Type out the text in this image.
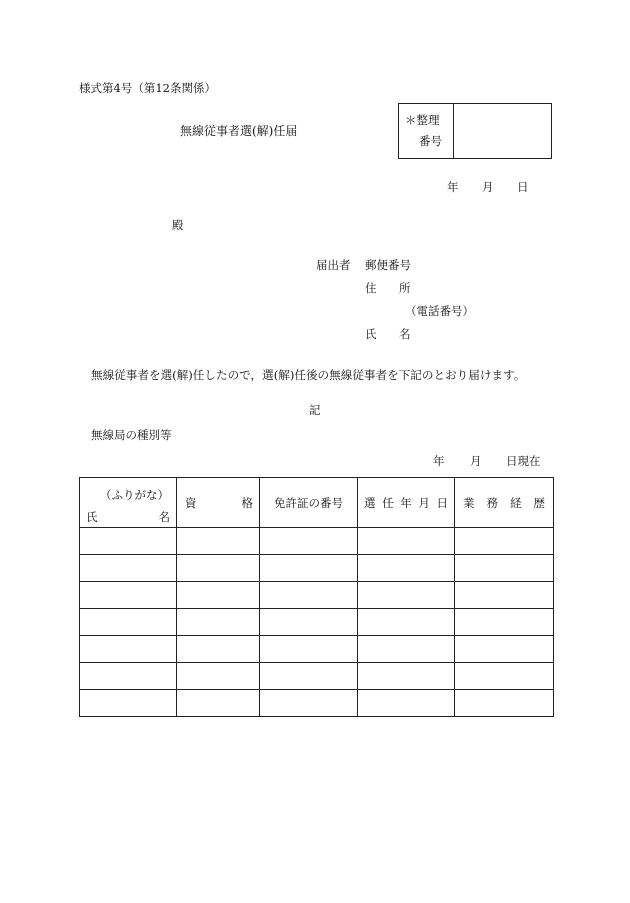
様式第4号（第12条関係）
無線従事者選(解)任届
＊整理
番号
年 月 日
殿
届出者 郵便番号
住 所
（電話番号）
氏 名
無線従事者を選(解)任したので，選(解)任後の無線従事者を下記のとおり届けます。
記
無線局の種別等
年 月 日現在
（ふりがな）
氏 名	資 格	免許証の番号	選 任 年 月 日	業 務 経 歴
